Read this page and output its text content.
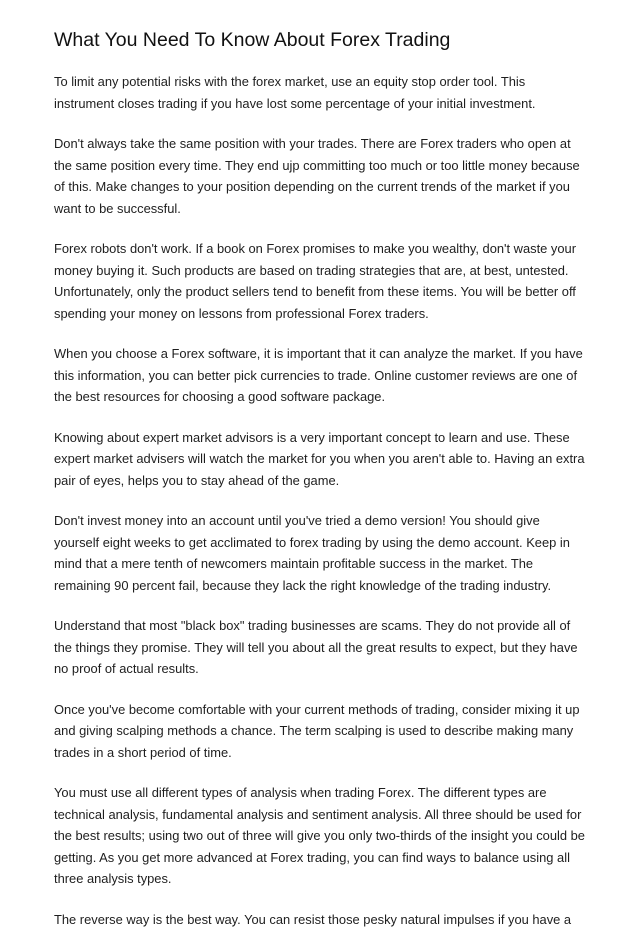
What You Need To Know About Forex Trading

To limit any potential risks with the forex market, use an equity stop order tool. This instrument closes trading if you have lost some percentage of your initial investment.

Don't always take the same position with your trades. There are Forex traders who open at the same position every time. They end ujp committing too much or too little money because of this. Make changes to your position depending on the current trends of the market if you want to be successful.

Forex robots don't work. If a book on Forex promises to make you wealthy, don't waste your money buying it. Such products are based on trading strategies that are, at best, untested. Unfortunately, only the product sellers tend to benefit from these items. You will be better off spending your money on lessons from professional Forex traders.

When you choose a Forex software, it is important that it can analyze the market. If you have this information, you can better pick currencies to trade. Online customer reviews are one of the best resources for choosing a good software package.

Knowing about expert market advisors is a very important concept to learn and use. These expert market advisers will watch the market for you when you aren't able to. Having an extra pair of eyes, helps you to stay ahead of the game.

Don't invest money into an account until you've tried a demo version! You should give yourself eight weeks to get acclimated to forex trading by using the demo account. Keep in mind that a mere tenth of newcomers maintain profitable success in the market. The remaining 90 percent fail, because they lack the right knowledge of the trading industry.

Understand that most "black box" trading businesses are scams. They do not provide all of the things they promise. They will tell you about all the great results to expect, but they have no proof of actual results.

Once you've become comfortable with your current methods of trading, consider mixing it up and giving scalping methods a chance. The term scalping is used to describe making many trades in a short period of time.

You must use all different types of analysis when trading Forex. The different types are technical analysis, fundamental analysis and sentiment analysis. All three should be used for the best results; using two out of three will give you only two-thirds of the insight you could be getting. As you get more advanced at Forex trading, you can find ways to balance using all three analysis types.

The reverse way is the best way. You can resist those pesky natural impulses if you have a
